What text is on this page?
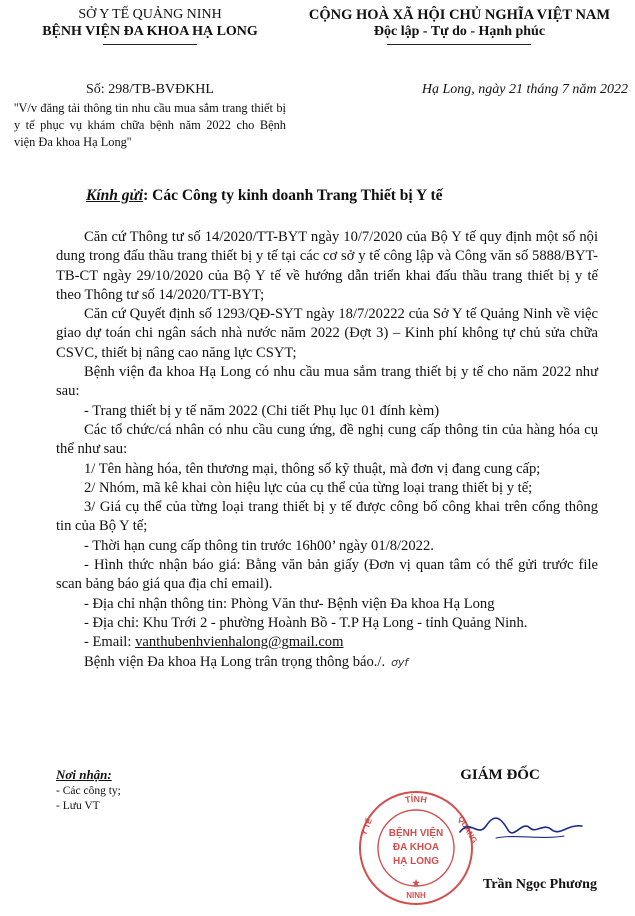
SỞ Y TẾ QUẢNG NINH
BỆNH VIỆN ĐA KHOA HẠ LONG
CỘNG HOÀ XÃ HỘI CHỦ NGHĨA VIỆT NAM
Độc lập - Tự do - Hạnh phúc
Số: 298/TB-BVĐKHL
''V/v đăng tải thông tin nhu cầu mua sắm trang thiết bị y tế phục vụ khám chữa bệnh năm 2022 cho Bệnh viện Đa khoa Hạ Long''
Hạ Long, ngày 21 tháng 7 năm 2022
Kính gửi: Các Công ty kinh doanh Trang Thiết bị Y tế

Căn cứ Thông tư số 14/2020/TT-BYT ngày 10/7/2020 của Bộ Y tế quy định một số nội dung trong đấu thầu trang thiết bị y tế tại các cơ sở y tế công lập và Công văn số 5888/BYT-TB-CT ngày 29/10/2020 của Bộ Y tế về hướng dẫn triển khai đấu thầu trang thiết bị y tế theo Thông tư số 14/2020/TT-BYT;

Căn cứ Quyết định số 1293/QĐ-SYT ngày 18/7/20222 của Sở Y tế Quảng Ninh về việc giao dự toán chi ngân sách nhà nước năm 2022 (Đợt 3) – Kinh phí không tự chủ sửa chữa CSVC, thiết bị nâng cao năng lực CSYT;

Bệnh viện đa khoa Hạ Long có nhu cầu mua sắm trang thiết bị y tế cho năm 2022 như sau:

- Trang thiết bị y tế năm 2022 (Chi tiết Phụ lục 01 đính kèm)

Các tổ chức/cá nhân có nhu cầu cung ứng, đề nghị cung cấp thông tin của hàng hóa cụ thể như sau:

1/ Tên hàng hóa, tên thương mại, thông số kỹ thuật, mà đơn vị đang cung cấp;

2/ Nhóm, mã kê khai còn hiệu lực của cụ thể của từng loại trang thiết bị y tế;

3/ Giá cụ thể của từng loại trang thiết bị y tế được công bố công khai trên cổng thông tin của Bộ Y tế;

- Thời hạn cung cấp thông tin trước 16h00’ ngày 01/8/2022.

- Hình thức nhận báo giá: Bằng văn bản giấy (Đơn vị quan tâm có thể gửi trước file scan bảng báo giá qua địa chỉ email).

- Địa chỉ nhận thông tin: Phòng Văn thư- Bệnh viện Đa khoa Hạ Long

- Địa chỉ: Khu Trới 2 - phường Hoành Bồ - T.P Hạ Long - tỉnh Quảng Ninh.

- Email: vanthubenhvienhalong@gmail.com

Bệnh viện Đa khoa Hạ Long trân trọng thông báo./. ơyf

Nơi nhận:
- Các công ty;
- Lưu VT
GIÁM ĐỐC
TỈNH
Y TẾ	QUẢNG
NINH
BỆNH VIỆN
ĐA KHOA
HẠ LONG
★	Trần Ngọc Phương
